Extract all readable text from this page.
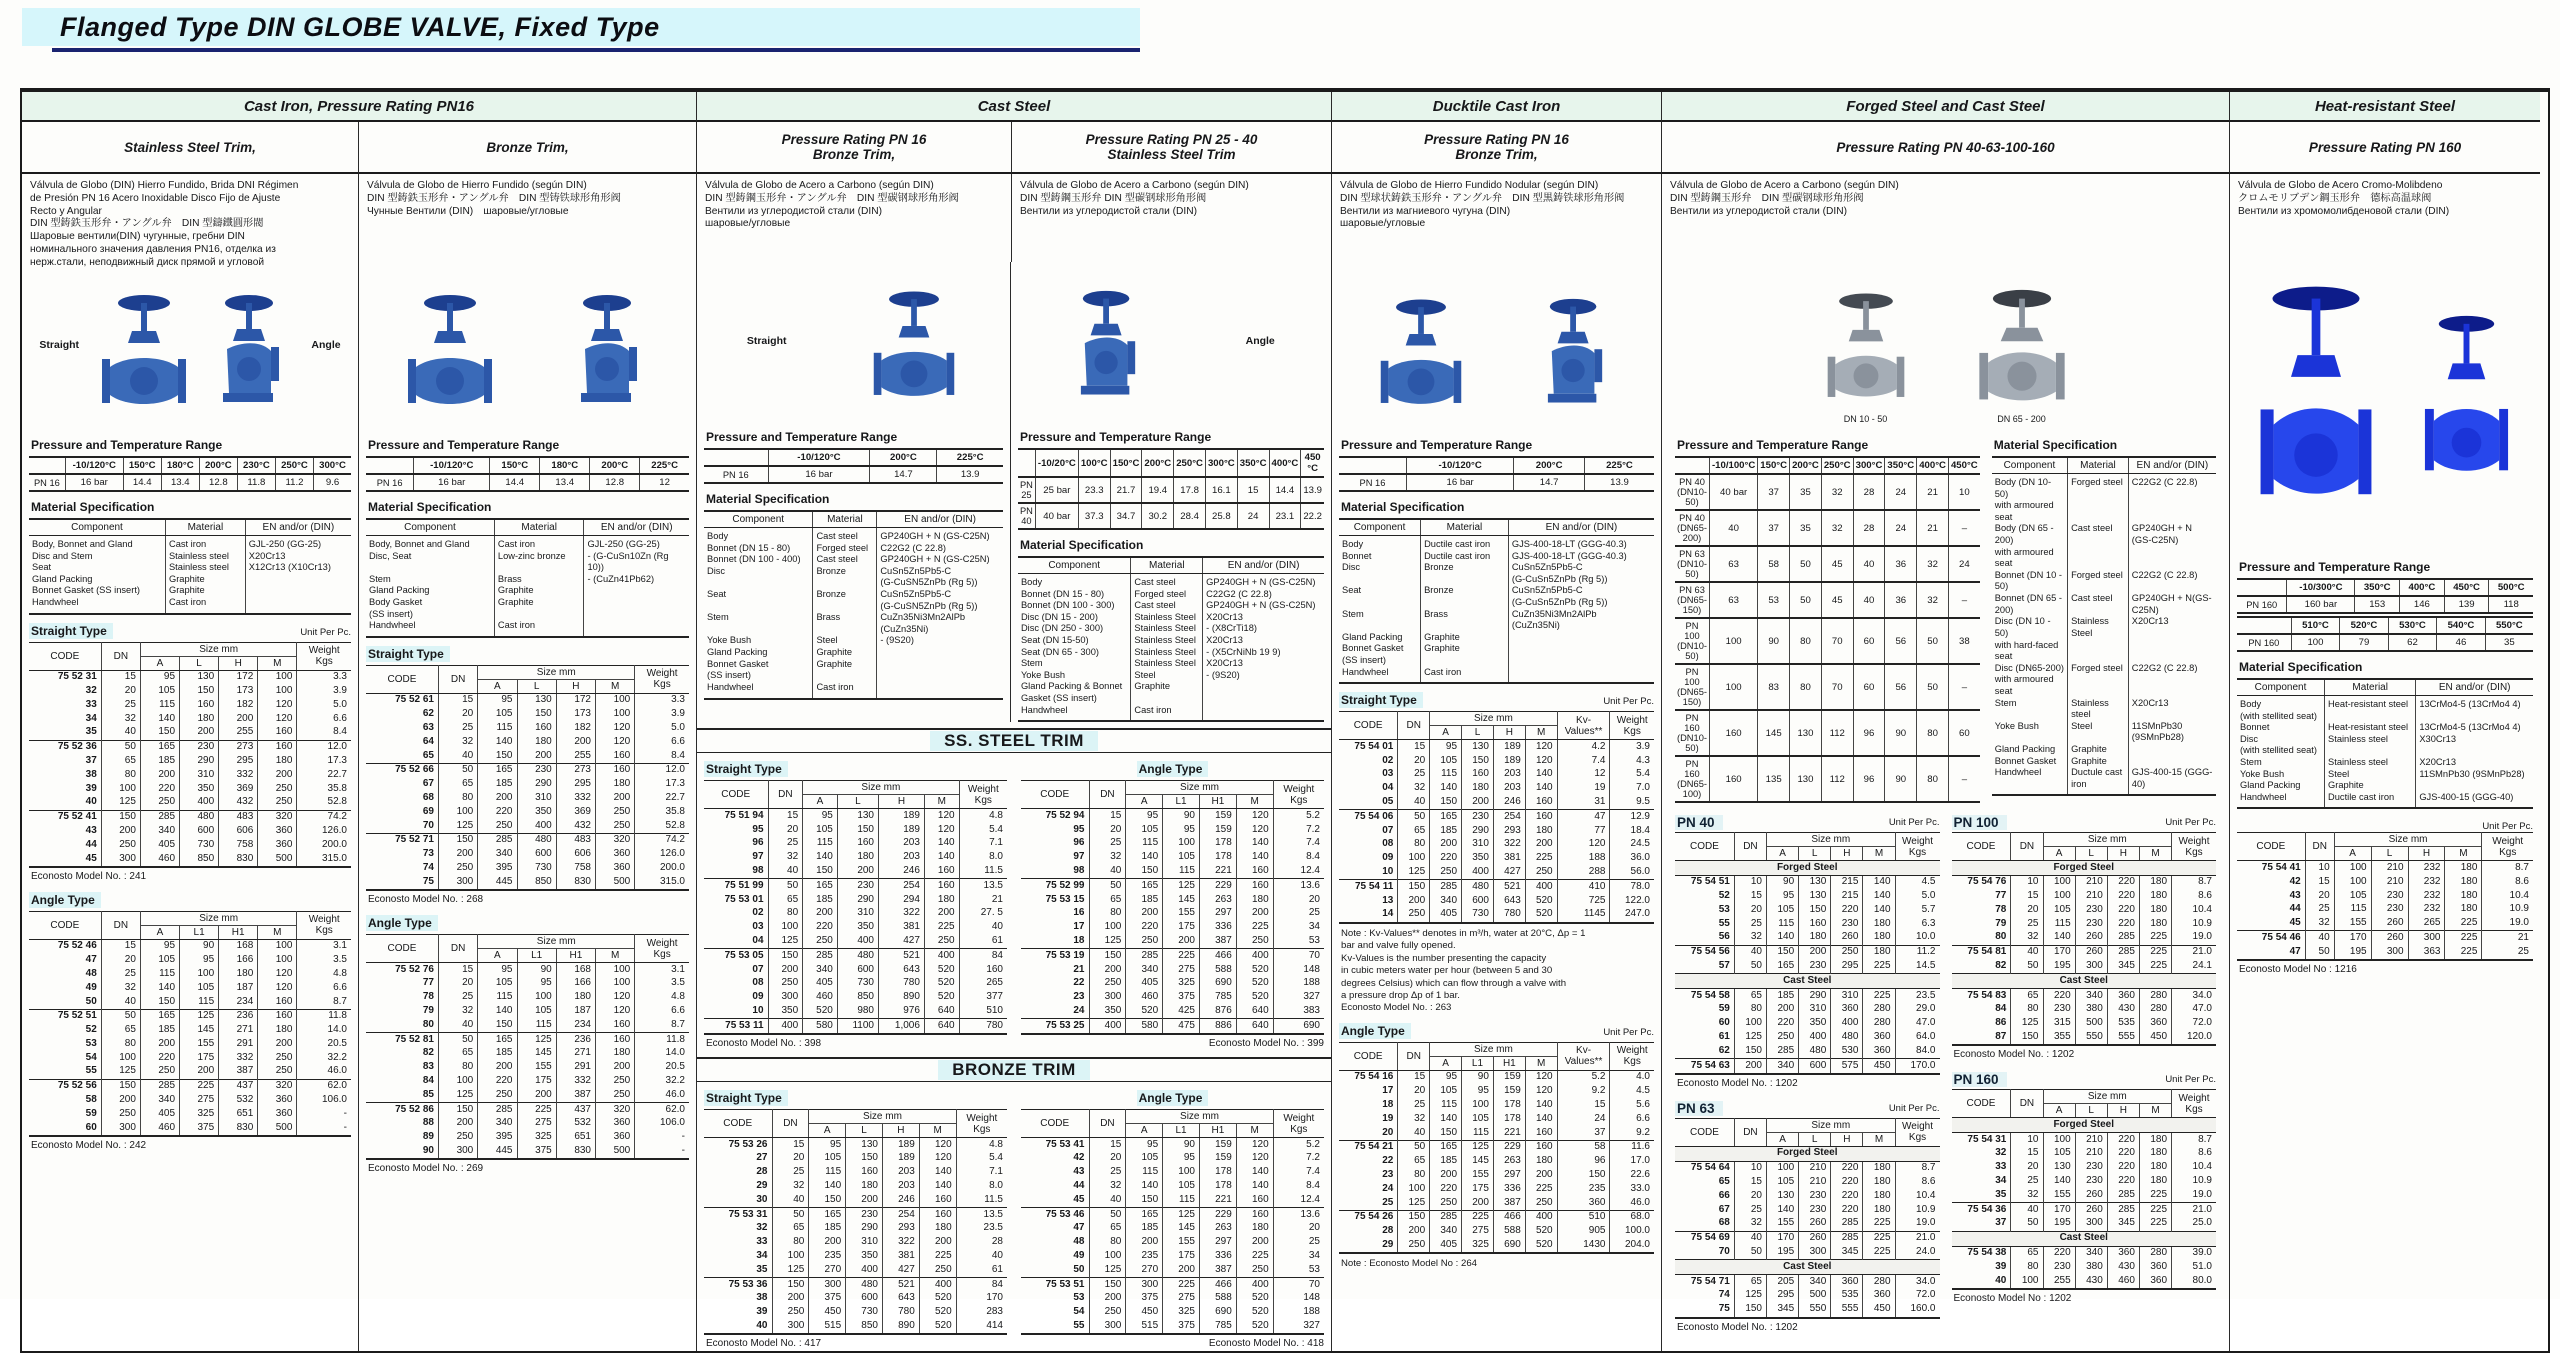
Flanged Type DIN GLOBE VALVE, Fixed Type
Cast Iron, Pressure Rating PN16	Cast Steel	Ducktile Cast Iron	Forged Steel and Cast Steel	Heat-resistant Steel
Stainless Steel Trim,	Bronze Trim,	Pressure Rating PN 16
Bronze Trim,
Pressure Rating PN 25 - 40
Stainless Steel Trim
Pressure Rating PN 16
Bronze Trim,	Pressure Rating PN 40-63-100-160	Pressure Rating PN 160
Válvula de Globo (DIN) Hierro Fundido, Brida DNI Régimen
de Presión PN 16 Acero Inoxidable Disco Fijo de Ajuste
Recto y Angular
DIN 型鋳鉄玉形弁・アングル弁　DIN 型鑄鐵圓形閥
Шаровые вентили(DIN) чугунные, гребни DIN
номинального значения давления PN16, отделка из
нерж.стали, неподвижный диск прямой и угловой
Válvula de Globo de Hierro Fundido (según DIN)
DIN 型鋳鉄玉形弁・アングル弁　DIN 型铸铁球形角形阀
Чунные Вентили (DIN)　шаровые/угловые
Válvula de Globo de Acero a Carbono (según DIN)
DIN 型鋳鋼玉形弁・アングル弁　DIN 型碳钢球形角形阀
Вентили из углеродистой стали (DIN)
шаровые/угловые
Válvula de Globo de Acero a Carbono (según DIN)
DIN 型鋳鋼玉形弁 DIN 型碳钢球形角形阀
Вентили из углеродистой стали (DIN)
Válvula de Globo de Hierro Fundido Nodular (según DIN)
DIN 型球状鋳鉄玉形弁・アングル弁　DIN 型黒鋳铁球形角形阀
Вентили из магниевого чугуна (DIN)
шаровые/угловые
Válvula de Globo de Acero a Carbono (según DIN)
DIN 型鋳鋼玉形弁　DIN 型碳钢球形角形阀
Вентили из углеродистой стали (DIN)
Válvula de Globo de Acero Cromo-Molibdeno
クロムモリブデン鋼玉形弁　德标高温球阀
Вентили из хромомолибденовой стали (DIN)
Straight	Angle
Pressure and Temperature Range
	-10/120°C	150°C	180°C	200°C	230°C	250°C	300°C
PN 16	16 bar	14.4	13.4	12.8	11.8	11.2	9.6
Material Specification
Component	Material	EN and/or (DIN)
Body, Bonnet and Gland	Cast iron	GJL-250 (GG-25)
Disc and Stem	Stainless steel	X20Cr13
Seat	Stainless steel	X12Cr13 (X10Cr13)
Gland Packing	Graphite	
Bonnet Gasket (SS insert)	Graphite	
Handwheel	Cast iron	
Straight Type	Unit Per Pc.
CODE	DN	Size mm				Weight
Kgs
		A	L	H	M	
75 52 31	15	95	130	172	100	3.3
32	20	105	150	173	100	3.9
33	25	115	160	182	120	5.0
34	32	140	180	200	120	6.6
35	40	150	200	255	160	8.4
75 52 36	50	165	230	273	160	12.0
37	65	185	290	295	180	17.3
38	80	200	310	332	200	22.7
39	100	220	350	369	250	35.8
40	125	250	400	432	250	52.8
75 52 41	150	285	480	483	320	74.2
43	200	340	600	606	360	126.0
44	250	405	730	758	360	200.0
45	300	460	850	830	500	315.0
Econosto Model No. : 241
Angle Type
CODE	DN	Size mm				Weight
Kgs
		A	L1	H1	M	
75 52 46	15	95	90	168	100	3.1
47	20	105	95	166	100	3.5
48	25	115	100	180	120	4.8
49	32	140	105	187	120	6.6
50	40	150	115	234	160	8.7
75 52 51	50	165	125	236	160	11.8
52	65	185	145	271	180	14.0
53	80	200	155	291	200	20.5
54	100	220	175	332	250	32.2
55	125	250	200	387	250	46.0
75 52 56	150	285	225	437	320	62.0
58	200	340	275	532	360	106.0
59	250	405	325	651	360	-
60	300	460	375	830	500	-
Econosto Model No. : 242
Pressure and Temperature Range
	-10/120°C	150°C	180°C	200°C	225°C
PN 16	16 bar	14.4	13.4	12.8	12
Material Specification
Component	Material	EN and/or (DIN)
Body, Bonnet and Gland	Cast iron	GJL-250 (GG-25)
Disc, Seat	Low-zinc bronze	- (G-CuSn10Zn (Rg
10))
Stem	Brass	- (CuZn41Pb62)
Gland Packing	Graphite	
Body Gasket
(SS insert)	Graphite	
Handwheel	Cast iron	
Straight Type
CODE	DN	Size mm				Weight
Kgs
		A	L	H	M	
75 52 61	15	95	130	172	100	3.3
62	20	105	150	173	100	3.9
63	25	115	160	182	120	5.0
64	32	140	180	200	120	6.6
65	40	150	200	255	160	8.4
75 52 66	50	165	230	273	160	12.0
67	65	185	290	295	180	17.3
68	80	200	310	332	200	22.7
69	100	220	350	369	250	35.8
70	125	250	400	432	250	52.8
75 52 71	150	285	480	483	320	74.2
73	200	340	600	606	360	126.0
74	250	395	730	758	360	200.0
75	300	445	850	830	500	315.0
Econosto Model No. : 268
Angle Type
CODE	DN	Size mm				Weight
Kgs
		A	L1	H1	M	
75 52 76	15	95	90	168	100	3.1
77	20	105	95	166	100	3.5
78	25	115	100	180	120	4.8
79	32	140	105	187	120	6.6
80	40	150	115	234	160	8.7
75 52 81	50	165	125	236	160	11.8
82	65	185	145	271	180	14.0
83	80	200	155	291	200	20.5
84	100	220	175	332	250	32.2
85	125	250	200	387	250	46.0
75 52 86	150	285	225	437	320	62.0
88	200	340	275	532	360	106.0
89	250	395	325	651	360	-
90	300	445	375	830	500	-
Econosto Model No. : 269
Straight
Pressure and Temperature Range
	-10/120°C	200°C	225°C
PN 16	16 bar	14.7	13.9
Material Specification
Component	Material	EN and/or (DIN)
Body	Cast steel	GP240GH + N (GS-C25N)
Bonnet (DN 15 - 80)	Forged steel	C22G2 (C 22.8)
Bonnet (DN 100 - 400)	Cast steel	GP240GH + N (GS-C25N)
Disc	Bronze	CuSn5Zn5Pb5-C
(G-CuSN5ZnPb (Rg 5))
Seat	Bronze	CuSn5Zn5Pb5-C
(G-CuSN5ZnPb (Rg 5))
Stem	Brass	CuZn35Ni3Mn2AlPb
(CuZn35Ni)
Yoke Bush	Steel	- (9S20)
Gland Packing	Graphite	
Bonnet Gasket
(SS insert)	Graphite	
Handwheel	Cast iron	
Angle
Pressure and Temperature Range
	-10/20°C	100°C	150°C	200°C	250°C	300°C	350°C	400°C	450 °C
PN 25	25 bar	23.3	21.7	19.4	17.8	16.1	15	14.4	13.9
PN 40	40 bar	37.3	34.7	30.2	28.4	25.8	24	23.1	22.2
Material Specification
Component	Material	EN and/or (DIN)
Body	Cast steel	GP240GH + N (GS-C25N)
Bonnet (DN 15 - 80)	Forged steel	C22G2 (C 22.8)
Bonnet (DN 100 - 300)	Cast steel	GP240GH + N (GS-C25N)
Disc (DN 15 - 200)	Stainless Steel	X20Cr13
Disc (DN 250 - 300)	Stainless Steel	- (X8CrTi18)
Seat (DN 15-50)	Stainless Steel	X20Cr13
Seat (DN 65 - 300)	Stainless Steel	- (X5CrNiNb 19 9)
Stem	Stainless Steel	X20Cr13
Yoke Bush	Steel	- (9S20)
Gland Packing & Bonnet
Gasket (SS insert)	Graphite	
Handwheel	Cast iron	
SS. STEEL TRIM
Straight Type
CODE	DN	Size mm				Weight
Kgs
		A	L	H	M	
75 51 94	15	95	130	189	120	4.8
95	20	105	150	189	120	5.4
96	25	115	160	203	140	7.1
97	32	140	180	203	140	8.0
98	40	150	200	246	160	11.5
75 51 99	50	165	230	254	160	13.5
75 53 01	65	185	290	294	180	21
02	80	200	310	322	200	27. 5
03	100	220	350	381	225	40
04	125	250	400	427	250	61
75 53 05	150	285	480	521	400	84
07	200	340	600	643	520	160
08	250	405	730	780	520	265
09	300	460	850	890	520	377
10	350	520	980	976	640	510
75 53 11	400	580	1100	1,006	640	780
Econosto Model No. : 398
Angle Type
CODE	DN	Size mm				Weight
Kgs
		A	L1	H1	M	
75 52 94	15	95	90	159	120	5.2
95	20	105	95	159	120	7.2
96	25	115	100	178	140	7.4
97	32	140	105	178	140	8.4
98	40	150	115	221	160	12.4
75 52 99	50	165	125	229	160	13.6
75 53 15	65	185	145	263	180	20
16	80	200	155	297	200	25
17	100	220	175	336	225	34
18	125	250	200	387	250	53
75 53 19	150	285	225	466	400	70
21	200	340	275	588	520	148
22	250	405	325	690	520	188
23	300	460	375	785	520	327
24	350	520	425	876	640	383
75 53 25	400	580	475	886	640	690
Econosto Model No. : 399
BRONZE TRIM
Straight Type
CODE	DN	Size mm				Weight
Kgs
		A	L	H	M	
75 53 26	15	95	130	189	120	4.8
27	20	105	150	189	120	5.4
28	25	115	160	203	140	7.1
29	32	140	180	203	140	8.0
30	40	150	200	246	160	11.5
75 53 31	50	165	230	254	160	13.5
32	65	185	290	293	180	23.5
33	80	200	310	322	200	28
34	100	235	350	381	225	40
35	125	270	400	427	250	61
75 53 36	150	300	480	521	400	84
38	200	375	600	643	520	170
39	250	450	730	780	520	283
40	300	515	850	890	520	414
Econosto Model No. : 417
Angle Type
CODE	DN	Size mm				Weight
Kgs
		A	L1	H1	M	
75 53 41	15	95	90	159	120	5.2
42	20	105	95	159	120	7.2
43	25	115	100	178	140	7.4
44	32	140	105	178	140	8.4
45	40	150	115	221	160	12.4
75 53 46	50	165	125	229	160	13.6
47	65	185	145	263	180	20
48	80	200	155	297	200	25
49	100	235	175	336	225	34
50	125	270	200	387	250	53
75 53 51	150	300	225	466	400	70
53	200	375	275	588	520	148
54	250	450	325	690	520	188
55	300	515	375	785	520	327
Econosto Model No. : 418
Pressure and Temperature Range
	-10/120°C	200°C	225°C
PN 16	16 bar	14.7	13.9
Material Specification
Component	Material	EN and/or (DIN)
Body	Ductile cast iron	GJS-400-18-LT (GGG-40.3)
Bonnet	Ductile cast iron	GJS-400-18-LT (GGG-40.3)
Disc	Bronze	CuSn5Zn5Pb5-C
(G-CuSn5ZnPb (Rg 5))
Seat	Bronze	CuSn5Zn5Pb5-C
(G-CuSn5ZnPb (Rg 5))
Stem	Brass	CuZn35Ni3Mn2AlPb
(CuZn35Ni)
Gland Packing	Graphite	
Bonnet Gasket
(SS insert)	Graphite	
Handwheel	Cast iron	
Straight Type	Unit Per Pc.
CODE	DN	Size mm				Kv-
Values**	Weight
Kgs
		A	L	H	M		
75 54 01	15	95	130	189	120	4.2	3.9
02	20	105	150	189	120	7.4	4.3
03	25	115	160	203	140	12	5.4
04	32	140	180	203	140	19	7.0
05	40	150	200	246	160	31	9.5
75 54 06	50	165	230	254	160	47	12.9
07	65	185	290	293	180	77	18.4
08	80	200	310	322	200	120	24.5
09	100	220	350	381	225	188	36.0
10	125	250	400	427	250	288	56.0
75 54 11	150	285	480	521	400	410	78.0
13	200	340	600	643	520	725	122.0
14	250	405	730	780	520	1145	247.0
Note : Kv-Values** denotes in m³/h, water at 20°C, Δp = 1
bar and valve fully opened.
Kv-Values is the number presenting the capacity
in cubic meters water per hour (between 5 and 30
degrees Celsius) which can flow through a valve with
a pressure drop Δp of 1 bar.
Econosto Model No. : 263
Angle Type	Unit Per Pc.
CODE	DN	Size mm				Kv-
Values**	Weight
Kgs
		A	L1	H1	M		
75 54 16	15	95	90	159	120	5.2	4.0
17	20	105	95	159	120	9.2	4.5
18	25	115	100	178	140	15	5.6
19	32	140	105	178	140	24	6.6
20	40	150	115	221	160	37	9.2
75 54 21	50	165	125	229	160	58	11.6
22	65	185	145	263	180	96	17.0
23	80	200	155	297	200	150	22.6
24	100	220	175	336	225	235	33.0
25	125	250	200	387	250	360	46.0
75 54 26	150	285	225	466	400	510	68.0
28	200	340	275	588	520	905	100.0
29	250	405	325	690	520	1430	204.0
Note : Econosto Model No : 264
DN 10 - 50	DN 65 - 200
Pressure and Temperature Range
	-10/100°C	150°C	200°C	250°C	300°C	350°C	400°C	450°C
PN 40
(DN10-50)	40 bar	37	35	32	28	24	21	10
PN 40
(DN65-200)	40	37	35	32	28	24	21	–
PN 63
(DN10-50)	63	58	50	45	40	36	32	24
PN 63
(DN65-150)	63	53	50	45	40	36	32	–
PN 100
(DN10-50)	100	90	80	70	60	56	50	38
PN 100
(DN65-150)	100	83	80	70	60	56	50	–
PN 160
(DN10-50)	160	145	130	112	96	90	80	60
PN 160
(DN65-100)	160	135	130	112	96	90	80	–
Material Specification
Component	Material	EN and/or (DIN)
Body (DN 10-50)
with armoured seat	Forged steel	C22G2 (C 22.8)
Body (DN 65 - 200)
with armoured seat	Cast steel	GP240GH + N (GS-C25N)
Bonnet (DN 10 - 50)	Forged steel	C22G2 (C 22.8)
Bonnet (DN 65 - 200)	Cast steel	GP240GH + N(GS-C25N)
Disc (DN 10 - 50)
with hard-faced seat	Stainless Steel	X20Cr13
Disc (DN65-200)
with armoured seat	Forged steel	C22G2 (C 22.8)
Stem	Stainless steel	X20Cr13
Yoke Bush	Steel	11SMnPb30 (9SMnPb28)
Gland Packing	Graphite	
Bonnet Gasket	Graphite	
Handwheel	Ductule cast iron	GJS-400-15 (GGG-40)
PN 40	Unit Per Pc.
CODE	DN	Size mm				Weight
Kgs
		A	L	H	M	
Forged Steel						
75 54 51	10	90	130	215	140	4.5
52	15	95	130	215	140	5.0
53	20	105	150	220	140	5.7
55	25	115	160	230	180	6.3
56	32	140	180	260	180	10.0
75 54 56	40	150	200	250	180	11.2
57	50	165	230	295	225	14.5
Cast Steel						
75 54 58	65	185	290	310	225	23.5
59	80	200	310	360	280	29.0
60	100	220	350	400	280	47.0
61	125	250	400	480	360	64.0
62	150	285	480	530	360	84.0
75 54 63	200	340	600	575	450	170.0
Econosto Model No. : 1202
PN 63	Unit Per Pc.
CODE	DN	Size mm				Weight
Kgs
		A	L	H	M	
Forged Steel						
75 54 64	10	100	210	220	180	8.7
65	15	105	210	220	180	8.6
66	20	130	230	220	180	10.4
67	25	140	230	220	180	10.9
68	32	155	260	285	225	19.0
75 54 69	40	170	260	285	225	21.0
70	50	195	300	345	225	24.0
Cast Steel						
75 54 71	65	205	340	360	280	34.0
74	125	295	500	535	360	72.0
75	150	345	550	555	450	160.0
Econosto Model No. : 1202
PN 100	Unit Per Pc.
CODE	DN	Size mm				Weight
Kgs
		A	L	H	M	
Forged Steel						
75 54 76	10	100	210	220	180	8.7
77	15	100	210	220	180	8.6
78	20	105	230	220	180	10.4
79	25	115	230	220	180	10.9
80	32	140	260	285	225	19.0
75 54 81	40	170	260	285	225	21.0
82	50	195	300	345	225	24.1
Cast Steel						
75 54 83	65	220	340	360	280	34.0
84	80	230	380	430	280	47.0
86	125	315	500	535	360	72.0
87	150	355	550	555	450	120.0
Econosto Model No. : 1202
PN 160	Unit Per Pc.
CODE	DN	Size mm				Weight
Kgs
		A	L	H	M	
Forged Steel						
75 54 31	10	100	210	220	180	8.7
32	15	105	210	220	180	8.6
33	20	130	230	220	180	10.4
34	25	140	230	220	180	10.9
35	32	155	260	285	225	19.0
75 54 36	40	170	260	285	225	21.0
37	50	195	300	345	225	25.0
Cast Steel						
75 54 38	65	220	340	360	280	39.0
39	80	230	380	430	360	51.0
40	100	255	430	460	360	80.0
Econosto Model No : 1202
Pressure and Temperature Range
	-10/300°C	350°C	400°C	450°C	500°C
PN 160	160 bar	153	146	139	118
	510°C	520°C	530°C	540°C	550°C
PN 160	100	79	62	46	35
Material Specification
Component	Material	EN and/or (DIN)
Body
(with stellited seat)	Heat-resistant steel	13CrMo4-5 (13CrMo4 4)
Bonnet	Heat-resistant steel	13CrMo4-5 (13CrMo4 4)
Disc
(with stellited seat)	Stainless steel	X30Cr13
Stem	Stainless steel	X20Cr13
Yoke Bush	Steel	11SMnPb30 (9SMnPb28)
Gland Packing	Graphite	
Handwheel	Ductile cast iron	GJS-400-15 (GGG-40)
Unit Per Pc.
CODE	DN	Size mm				Weight
Kgs
		A	L	H	M	
75 54 41	10	100	210	232	180	8.7
42	15	100	210	232	180	8.6
43	20	105	230	232	180	10.4
44	25	115	230	232	180	10.9
45	32	155	260	265	225	19.0
75 54 46	40	170	260	300	225	21
47	50	195	300	363	225	25
Econosto Model No : 1216
